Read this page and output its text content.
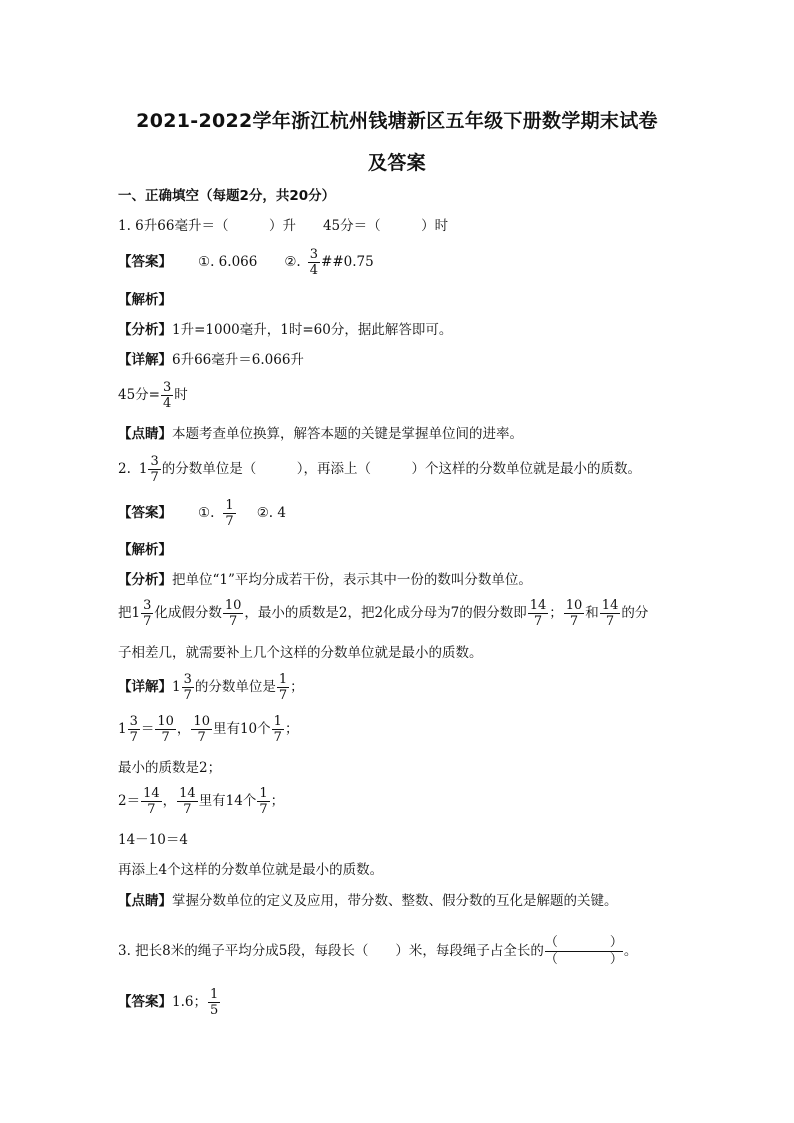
2021-2022学年浙江杭州钱塘新区五年级下册数学期末试卷
及答案
一、正确填空（每题2分，共20分）
1. 6升66毫升＝（　　　）升　　45分＝（　　　）时
【答案】 ①. 6.066　　②. $\frac{3}{4}$ ##0.75
【解析】
【分析】1升=1000毫升，1时=60分，据此解答即可。
【详解】6升66毫升＝6.066升
45分= $\frac{3}{4}$ 时
【点睛】本题考查单位换算，解答本题的关键是掌握单位间的进率。
2. $1 \frac{3}{7}$ 的分数单位是（　　　），再添上（　　　）个这样的分数单位就是最小的质数。
【答案】 ①. $\frac{1}{7}$ ②. 4
【解析】
【分析】把单位“1”平均分成若干份，表示其中一份的数叫分数单位。
把$1 \frac{3}{7}$ 化成假分数 $\frac{10}{7}$ ，最小的质数是2，把2化成分母为7的假分数即 $\frac{14}{7}$ ； $\frac{10}{7}$ 和 $\frac{14}{7}$ 的分
子相差几，就需要补上几个这样的分数单位就是最小的质数。
【详解】$1 \frac{3}{7}$ 的分数单位是 $\frac{1}{7}$ ；
$1 \frac{3}{7} = \frac{10}{7}$ ， $\frac{10}{7}$ 里有10个 $\frac{1}{7}$ ；
最小的质数是2；
$2= \frac{14}{7}$ ， $\frac{14}{7}$ 里有14个 $\frac{1}{7}$ ；
14－10＝4
再添上4个这样的分数单位就是最小的质数。
【点睛】掌握分数单位的定义及应用，带分数、整数、假分数的互化是解题的关键。
3. 把长8米的绳子平均分成5段，每段长（　　）米，每段绳子占全长的 $\frac{( )}{( )}$ 。
【答案】1.6； $\frac{1}{5}$
